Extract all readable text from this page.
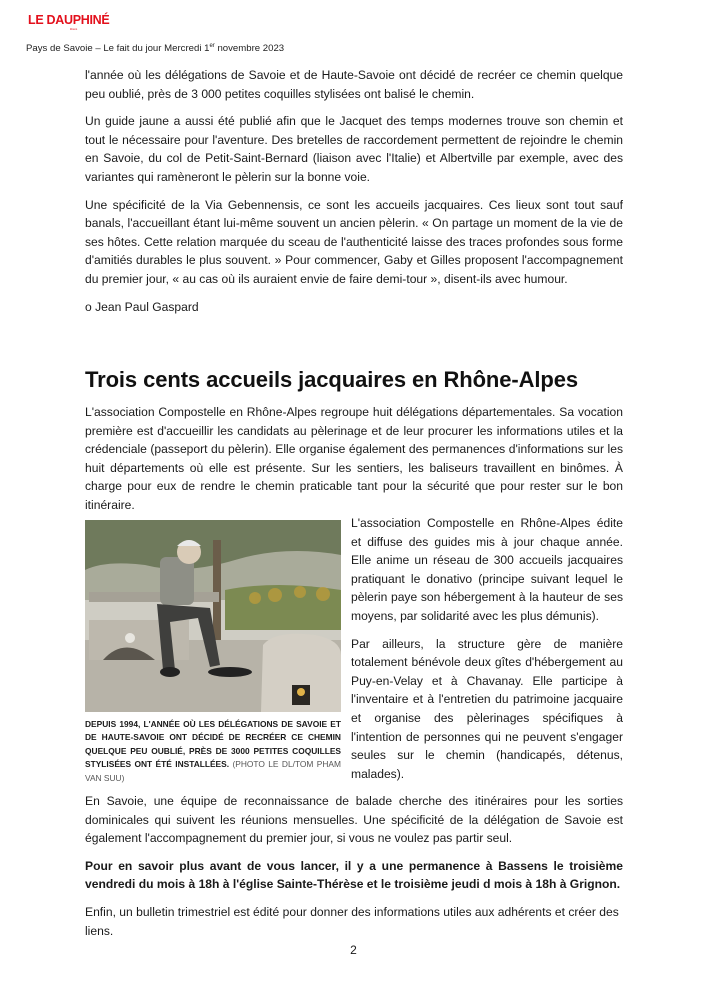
LE DAUPHINÉ
libéré
Pays de Savoie – Le fait du jour Mercredi 1er novembre 2023

l'année où les délégations de Savoie et de Haute-Savoie ont décidé de recréer ce chemin quelque peu oublié, près de 3 000 petites coquilles stylisées ont balisé le chemin.

Un guide jaune a aussi été publié afin que le Jacquet des temps modernes trouve son chemin et tout le nécessaire pour l'aventure. Des bretelles de raccordement permettent de rejoindre le chemin en Savoie, du col de Petit-Saint-Bernard (liaison avec l'Italie) et Albertville par exemple, avec des variantes qui ramèneront le pèlerin sur la bonne voie.

Une spécificité de la Via Gebennensis, ce sont les accueils jacquaires. Ces lieux sont tout sauf banals, l'accueillant étant lui-même souvent un ancien pèlerin. « On partage un moment de la vie de ses hôtes. Cette relation marquée du sceau de l'authenticité laisse des traces profondes sous forme d'amitiés durables le plus souvent. » Pour commencer, Gaby et Gilles proposent l'accompagnement du premier jour, « au cas où ils auraient envie de faire demi-tour », disent-ils avec humour.

o Jean Paul Gaspard

Trois cents accueils jacquaires en Rhône-Alpes

L'association Compostelle en Rhône-Alpes regroupe huit délégations départementales. Sa vocation première est d'accueillir les candidats au pèlerinage et de leur procurer les informations utiles et la crédenciale (passeport du pèlerin). Elle organise également des permanences d'informations sur les huit départements où elle est présente. Sur les sentiers, les baliseurs travaillent en binômes. À charge pour eux de rendre le chemin praticable tant pour la sécurité que pour rester sur le bon itinéraire.

DEPUIS 1994, L'ANNÉE OÙ LES DÉLÉGATIONS DE SAVOIE ET DE HAUTE-SAVOIE ONT DÉCIDÉ DE RECRÉER CE CHEMIN QUELQUE PEU OUBLIÉ, PRÈS DE 3000 PETITES COQUILLES STYLISÉES ONT ÉTÉ INSTALLÉES. (PHOTO LE DL/TOM PHAM VAN SUU)

L'association Compostelle en Rhône-Alpes édite et diffuse des guides mis à jour chaque année. Elle anime un réseau de 300 accueils jacquaires pratiquant le donativo (principe suivant lequel le pèlerin paye son hébergement à la hauteur de ses moyens, par solidarité avec les plus démunis).

Par ailleurs, la structure gère de manière totalement bénévole deux gîtes d'hébergement au Puy-en-Velay et à Chavanay. Elle participe à l'inventaire et à l'entretien du patrimoine jacquaire et organise des pèlerinages spécifiques à l'intention de personnes qui ne peuvent s'engager seules sur le chemin (handicapés, détenus, malades).

En Savoie, une équipe de reconnaissance de balade cherche des itinéraires pour les sorties dominicales qui suivent les réunions mensuelles. Une spécificité de la délégation de Savoie est également l'accompagnement du premier jour, si vous ne voulez pas partir seul.

Pour en savoir plus avant de vous lancer, il y a une permanence à Bassens le troisième vendredi du mois à 18h à l'église Sainte-Thérèse et le troisième jeudi d mois à 18h à Grignon.

Enfin, un bulletin trimestriel est édité pour donner des informations utiles aux adhérents et créer des liens.

2
